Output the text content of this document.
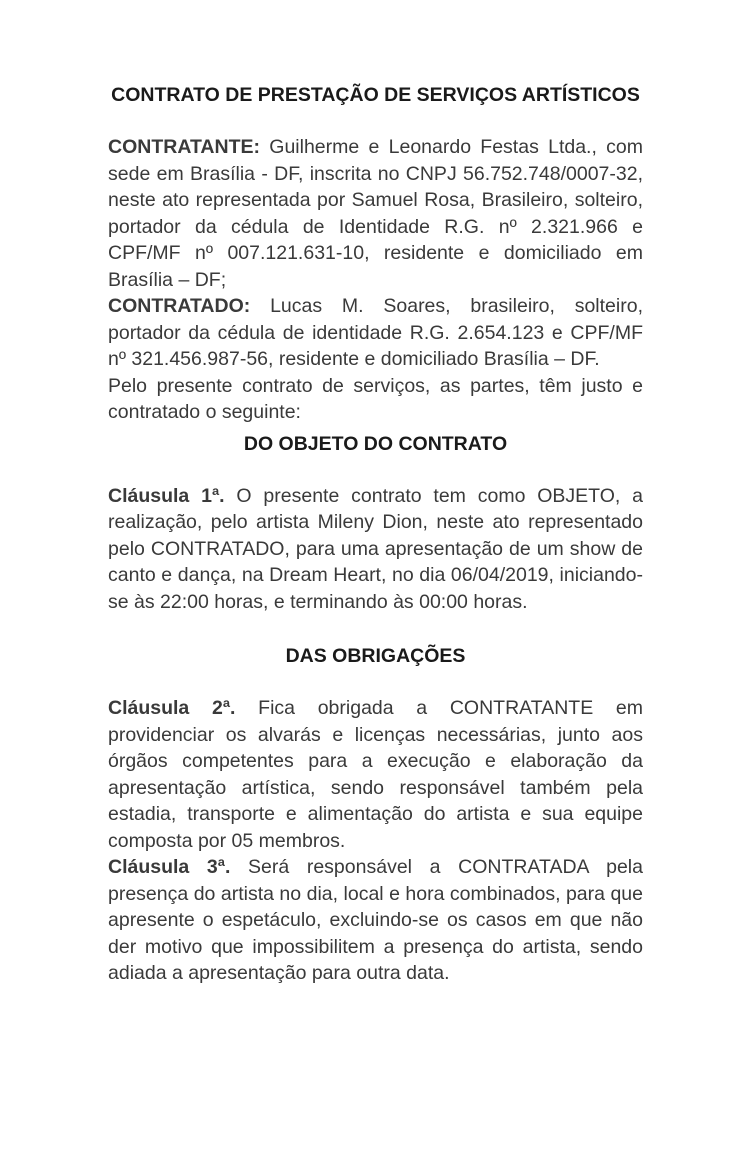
CONTRATO DE PRESTAÇÃO DE SERVIÇOS ARTÍSTICOS

CONTRATANTE: Guilherme e Leonardo Festas Ltda., com sede em Brasília - DF, inscrita no CNPJ 56.752.748/0007-32, neste ato representada por Samuel Rosa, Brasileiro, solteiro, portador da cédula de Identidade R.G. nº 2.321.966 e CPF/MF nº 007.121.631-10, residente e domiciliado em Brasília – DF;

CONTRATADO: Lucas M. Soares, brasileiro, solteiro, portador da cédula de identidade R.G. 2.654.123 e CPF/MF nº 321.456.987-56, residente e domiciliado Brasília – DF.

Pelo presente contrato de serviços, as partes, têm justo e contratado o seguinte:

DO OBJETO DO CONTRATO

Cláusula 1ª. O presente contrato tem como OBJETO, a realização, pelo artista Mileny Dion, neste ato representado pelo CONTRATADO, para uma apresentação de um show de canto e dança, na Dream Heart, no dia 06/04/2019, iniciando-se às 22:00 horas, e terminando às 00:00 horas.

DAS OBRIGAÇÕES

Cláusula 2ª. Fica obrigada a CONTRATANTE em providenciar os alvarás e licenças necessárias, junto aos órgãos competentes para a execução e elaboração da apresentação artística, sendo responsável também pela estadia, transporte e alimentação do artista e sua equipe composta por 05 membros.

Cláusula 3ª. Será responsável a CONTRATADA pela presença do artista no dia, local e hora combinados, para que apresente o espetáculo, excluindo-se os casos em que não der motivo que impossibilitem a presença do artista, sendo adiada a apresentação para outra data.
